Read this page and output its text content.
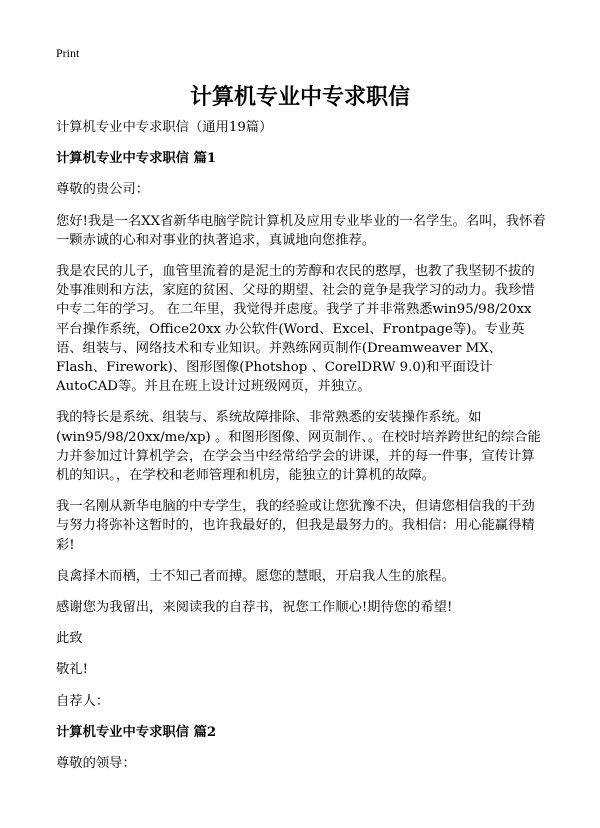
Print
计算机专业中专求职信

计算机专业中专求职信（通用19篇）

计算机专业中专求职信 篇1

尊敬的贵公司：

您好!我是一名XX省新华电脑学院计算机及应用专业毕业的一名学生。名叫，我怀着一颗赤诚的心和对事业的执著追求，真诚地向您推荐。

我是农民的儿子，血管里流着的是泥土的芳醇和农民的憨厚，也教了我坚韧不拔的处事准则和方法，家庭的贫困、父母的期望、社会的竟争是我学习的动力。我珍惜中专二年的学习。 在二年里，我觉得并虑度。我学了并非常熟悉win95/98/20xx 平台操作系统，Office20xx 办公软件(Word、Excel、Frontpage等)。专业英语、组装与、网络技术和专业知识。并熟练网页制作(Dreamweaver MX、Flash、Firework)、图形图像(Photshop 、CorelDRW 9.0)和平面设计AutoCAD等。并且在班上设计过班级网页，并独立。

我的特长是系统、组装与、系统故障排除、非常熟悉的安装操作系统。如(win95/98/20xx/me/xp) 。和图形图像、网页制作、。在校时培养跨世纪的综合能力并参加过计算机学会，在学会当中经常给学会的讲课，并的每一件事，宣传计算机的知识。，在学校和老师管理和机房，能独立的计算机的故障。

我一名刚从新华电脑的中专学生，我的经验或让您犹豫不决，但请您相信我的干劲与努力将弥补这暂时的，也许我最好的，但我是最努力的。我相信：用心能赢得精彩!

良禽择木而栖，士不知己者而搏。愿您的慧眼，开启我人生的旅程。

感谢您为我留出，来阅读我的自荐书，祝您工作顺心!期待您的希望!

此致

敬礼!

自荐人：

计算机专业中专求职信 篇2

尊敬的领导：
